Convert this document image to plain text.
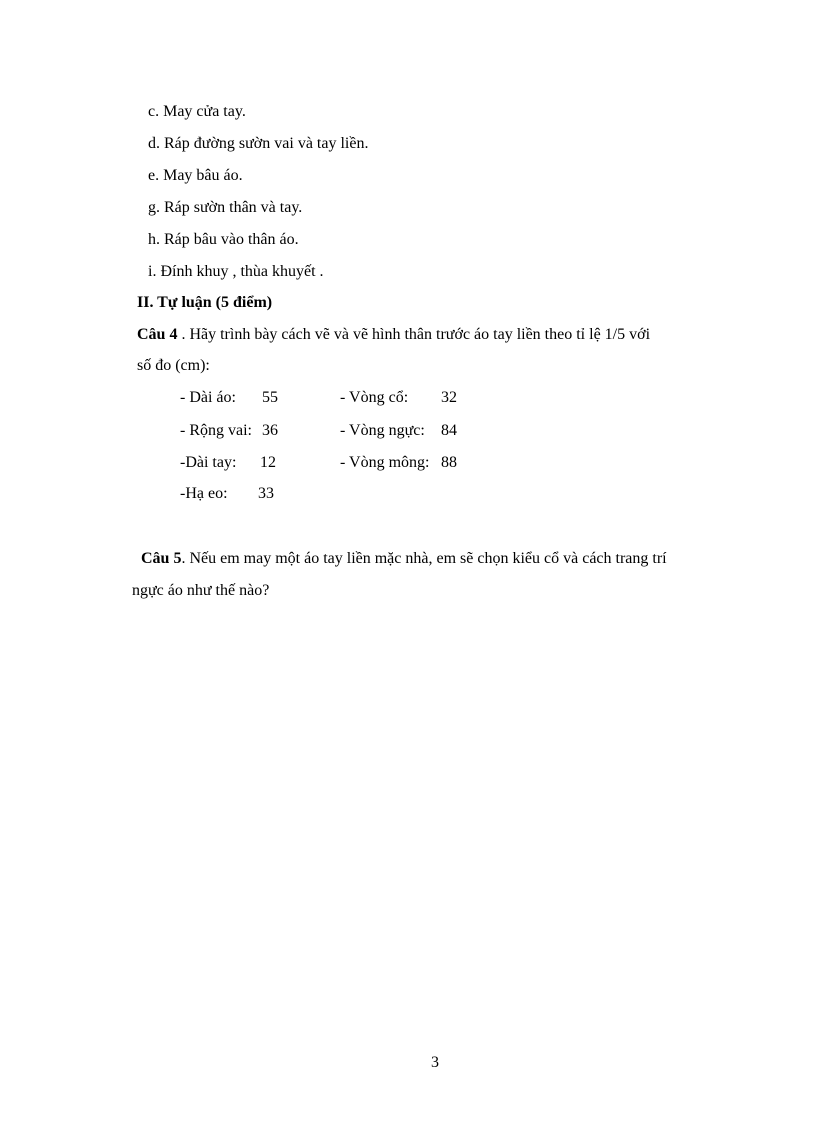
c. May cửa tay.
d. Ráp đường sườn vai và tay liền.
e. May bâu áo.
g. Ráp sườn thân và tay.
h. Ráp bâu vào thân áo.
i. Đính khuy , thùa khuyết .
II. Tự luận (5 điểm)
Câu 4 . Hãy trình bày cách vẽ và vẽ hình thân trước áo tay liền theo tỉ lệ 1/5 với
số đo (cm):
- Dài áo: 55
- Rộng vai: 36
-Dài tay: 12
-Hạ eo: 33
- Vòng cổ: 32
- Vòng ngực: 84
- Vòng mông: 88
Câu 5. Nếu em may một áo tay liền mặc nhà, em sẽ chọn kiểu cổ và cách trang trí
ngực áo như thế nào?
3
